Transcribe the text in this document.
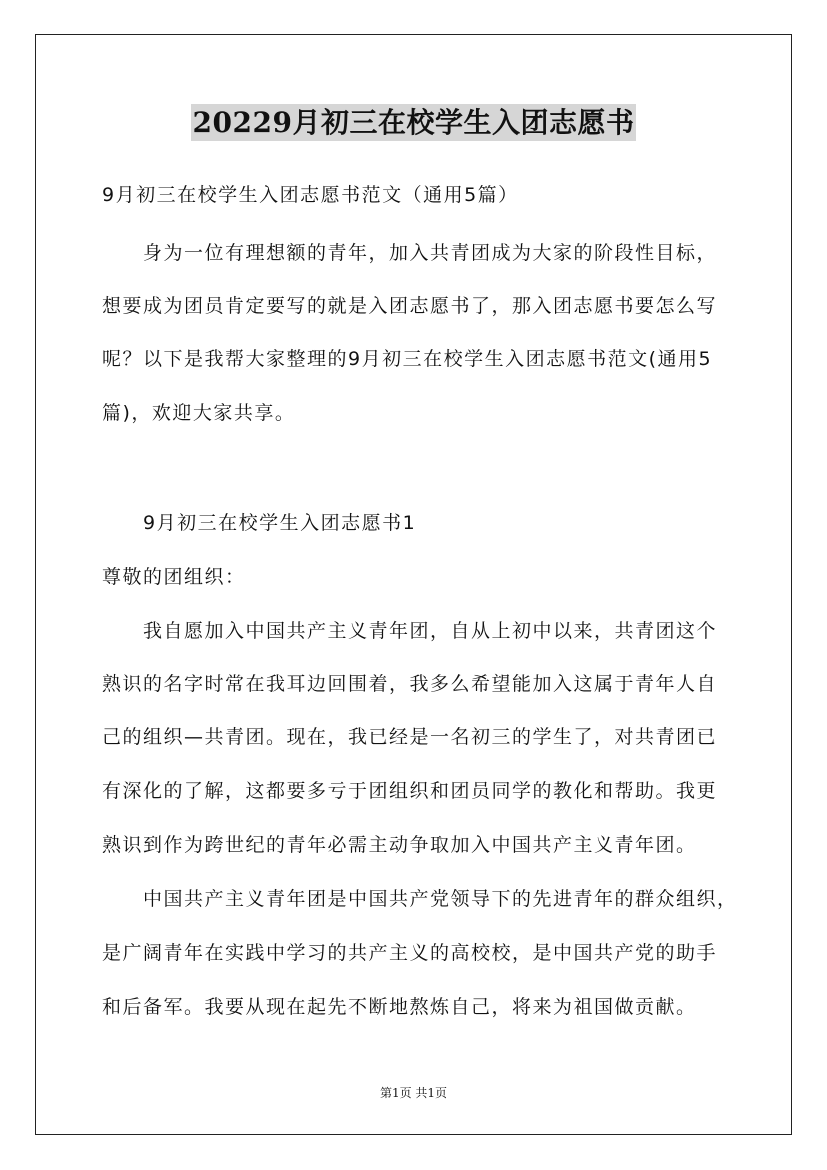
20229月初三在校学生入团志愿书
9月初三在校学生入团志愿书范文（通用5篇）
身为一位有理想额的青年，加入共青团成为大家的阶段性目标，
想要成为团员肯定要写的就是入团志愿书了，那入团志愿书要怎么写
呢？以下是我帮大家整理的9月初三在校学生入团志愿书范文(通用5
篇)，欢迎大家共享。
9月初三在校学生入团志愿书1
尊敬的团组织：
我自愿加入中国共产主义青年团，自从上初中以来，共青团这个
熟识的名字时常在我耳边回围着，我多么希望能加入这属于青年人自
己的组织—共青团。现在，我已经是一名初三的学生了，对共青团已
有深化的了解，这都要多亏于团组织和团员同学的教化和帮助。我更
熟识到作为跨世纪的青年必需主动争取加入中国共产主义青年团。
中国共产主义青年团是中国共产党领导下的先进青年的群众组织，
是广阔青年在实践中学习的共产主义的高校校，是中国共产党的助手
和后备军。我要从现在起先不断地熬炼自己，将来为祖国做贡献。
第1页 共1页
